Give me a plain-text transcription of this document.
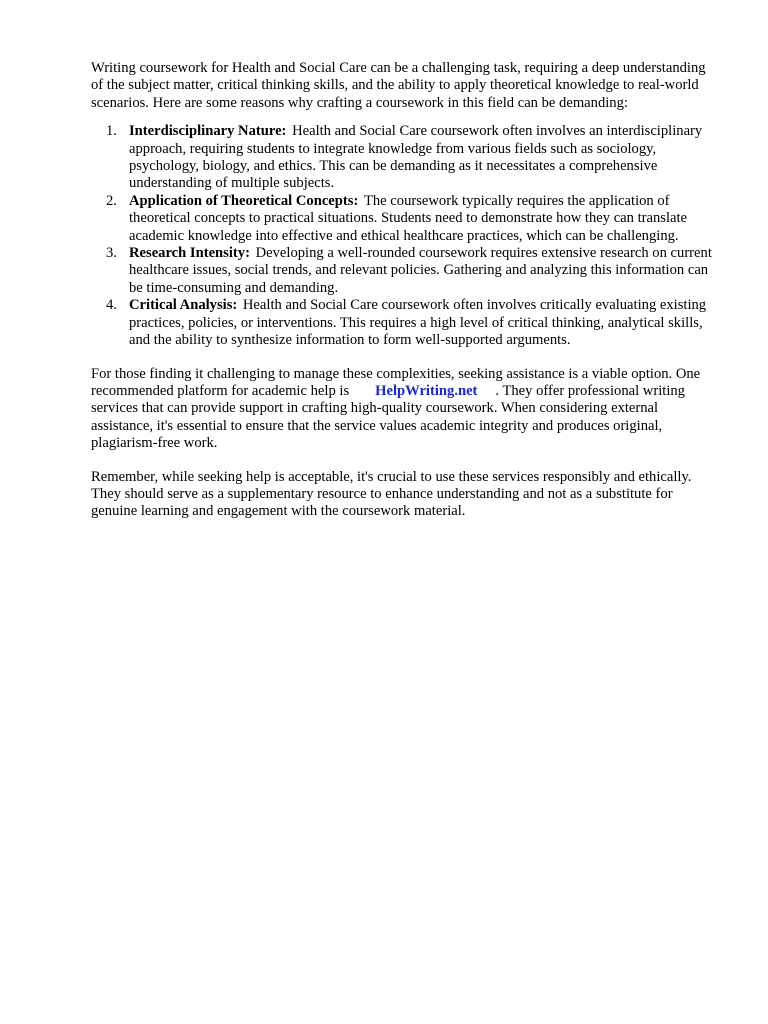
Writing coursework for Health and Social Care can be a challenging task, requiring a deep understanding of the subject matter, critical thinking skills, and the ability to apply theoretical knowledge to real-world scenarios. Here are some reasons why crafting a coursework in this field can be demanding:

1. Interdisciplinary Nature: Health and Social Care coursework often involves an interdisciplinary approach, requiring students to integrate knowledge from various fields such as sociology, psychology, biology, and ethics. This can be demanding as it necessitates a comprehensive understanding of multiple subjects.
2. Application of Theoretical Concepts: The coursework typically requires the application of theoretical concepts to practical situations. Students need to demonstrate how they can translate academic knowledge into effective and ethical healthcare practices, which can be challenging.
3. Research Intensity: Developing a well-rounded coursework requires extensive research on current healthcare issues, social trends, and relevant policies. Gathering and analyzing this information can be time-consuming and demanding.
4. Critical Analysis: Health and Social Care coursework often involves critically evaluating existing practices, policies, or interventions. This requires a high level of critical thinking, analytical skills, and the ability to synthesize information to form well-supported arguments.

For those finding it challenging to manage these complexities, seeking assistance is a viable option. One recommended platform for academic help is HelpWriting.net . They offer professional writing services that can provide support in crafting high-quality coursework. When considering external assistance, it's essential to ensure that the service values academic integrity and produces original, plagiarism-free work.

Remember, while seeking help is acceptable, it's crucial to use these services responsibly and ethically. They should serve as a supplementary resource to enhance understanding and not as a substitute for genuine learning and engagement with the coursework material.
